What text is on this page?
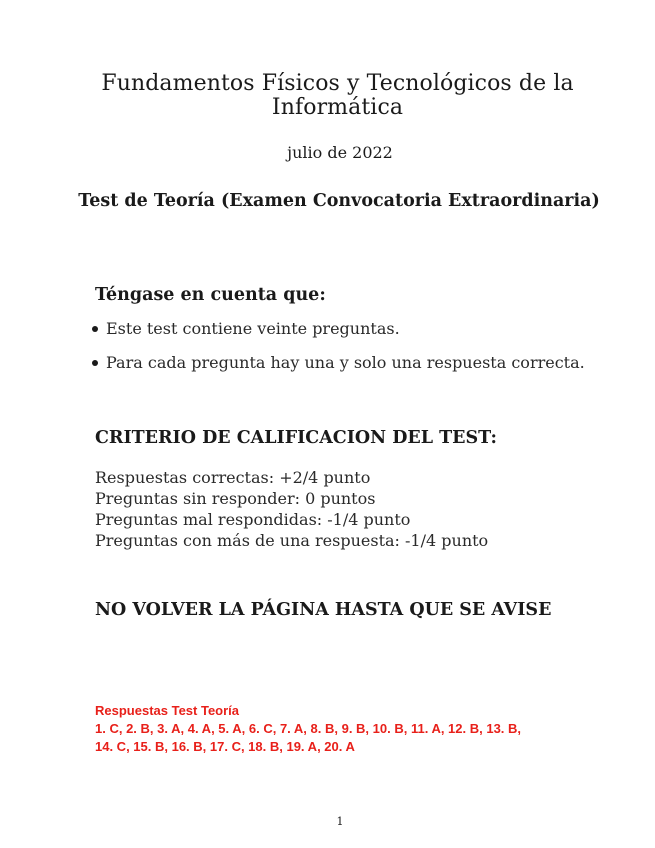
Fundamentos Físicos y Tecnológicos de la Informática
julio de 2022
Test de Teoría (Examen Convocatoria Extraordinaria)
Téngase en cuenta que:
Este test contiene veinte preguntas.
Para cada pregunta hay una y solo una respuesta correcta.
CRITERIO DE CALIFICACION DEL TEST:
Respuestas correctas: +2/4 punto
Preguntas sin responder: 0 puntos
Preguntas mal respondidas: -1/4 punto
Preguntas con más de una respuesta: -1/4 punto
NO VOLVER LA PÁGINA HASTA QUE SE AVISE
Respuestas Test Teoría
1. C, 2. B, 3. A, 4. A, 5. A, 6. C, 7. A, 8. B, 9. B, 10. B, 11. A, 12. B, 13. B,
14. C, 15. B, 16. B, 17. C, 18. B, 19. A, 20. A
1
